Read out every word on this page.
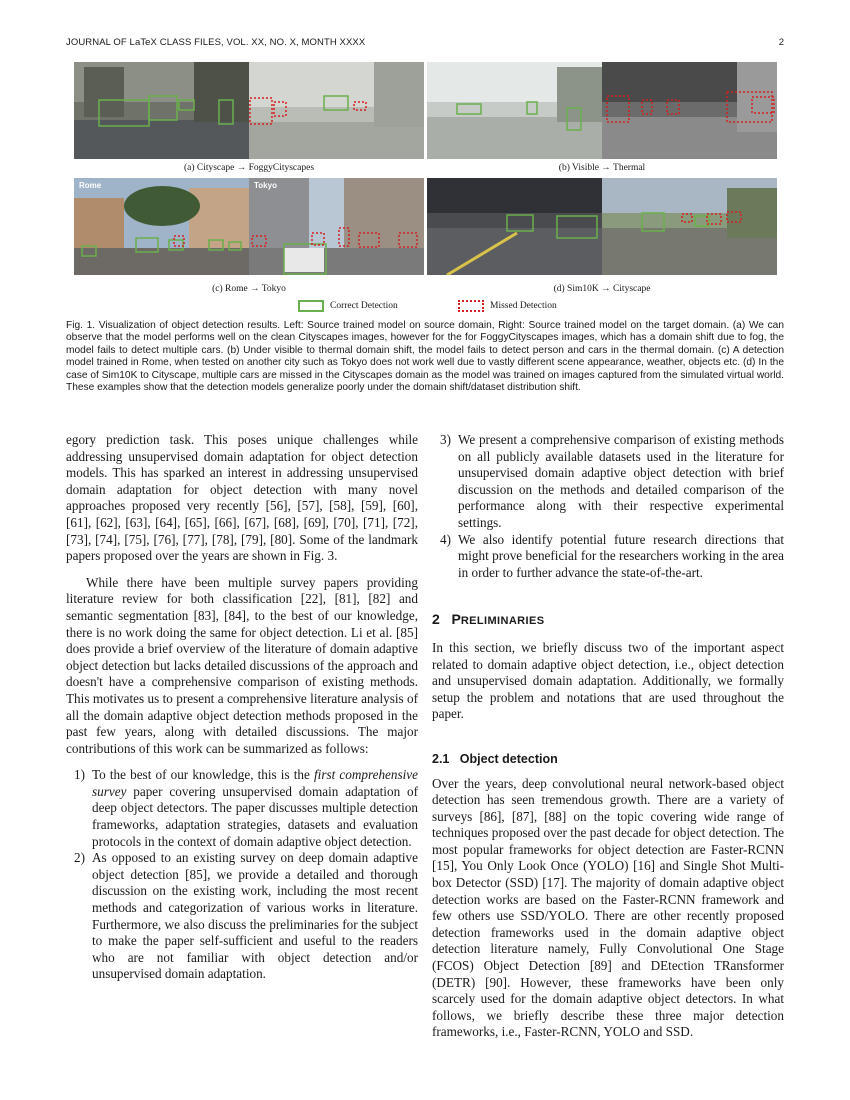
JOURNAL OF LaTeX CLASS FILES, VOL. XX, NO. X, MONTH XXXX	2
(a) Cityscape → FoggyCityscapes	(b) Visible → Thermal
Rome	Tokyo
(c) Rome → Tokyo	(d) Sim10K → Cityscape
Correct Detection	Missed Detection
Fig. 1. Visualization of object detection results. Left: Source trained model on source domain, Right: Source trained model on the target domain. (a) We can observe that the model performs well on the clean Cityscapes images, however for the for FoggyCityscapes images, which has a domain shift due to fog, the model fails to detect multiple cars. (b) Under visible to thermal domain shift, the model fails to detect person and cars in the thermal domain. (c) A detection model trained in Rome, when tested on another city such as Tokyo does not work well due to vastly different scene appearance, weather, objects etc. (d) In the case of Sim10K to Cityscape, multiple cars are missed in the Cityscapes domain as the model was trained on images captured from the simulated virtual world. These examples show that the detection models generalize poorly under the domain shift/dataset distribution shift.

egory prediction task. This poses unique challenges while addressing unsupervised domain adaptation for object detection models. This has sparked an interest in addressing unsupervised domain adaptation for object detection with many novel approaches proposed very recently [56], [57], [58], [59], [60], [61], [62], [63], [64], [65], [66], [67], [68], [69], [70], [71], [72], [73], [74], [75], [76], [77], [78], [79], [80]. Some of the landmark papers proposed over the years are shown in Fig. 3.

While there have been multiple survey papers providing literature review for both classification [22], [81], [82] and semantic segmentation [83], [84], to the best of our knowledge, there is no work doing the same for object detection. Li et al. [85] does provide a brief overview of the literature of domain adaptive object detection but lacks detailed discussions of the approach and doesn't have a comprehensive comparison of existing methods. This motivates us to present a comprehensive literature analysis of all the domain adaptive object detection methods proposed in the past few years, along with detailed discussions. The major contributions of this work can be summarized as follows:

1) To the best of our knowledge, this is the first comprehensive survey paper covering unsupervised domain adaptation of deep object detectors. The paper discusses multiple detection frameworks, adaptation strategies, datasets and evaluation protocols in the context of domain adaptive object detection.
2) As opposed to an existing survey on deep domain adaptive object detection [85], we provide a detailed and thorough discussion on the existing work, including the most recent methods and categorization of various works in literature. Furthermore, we also discuss the preliminaries for the subject to make the paper self-sufficient and useful to the readers who are not familiar with object detection and/or unsupervised domain adaptation.
3) We present a comprehensive comparison of existing methods on all publicly available datasets used in the literature for unsupervised domain adaptive object detection with brief discussion on the methods and detailed comparison of the performance along with their respective experimental settings.
4) We also identify potential future research directions that might prove beneficial for the researchers working in the area in order to further advance the state-of-the-art.

2 PRELIMINARIES

In this section, we briefly discuss two of the important aspect related to domain adaptive object detection, i.e., object detection and unsupervised domain adaptation. Additionally, we formally setup the problem and notations that are used throughout the paper.

2.1   Object detection

Over the years, deep convolutional neural network-based object detection has seen tremendous growth. There are a variety of surveys [86], [87], [88] on the topic covering wide range of techniques proposed over the past decade for object detection. The most popular frameworks for object detection are Faster-RCNN [15], You Only Look Once (YOLO) [16] and Single Shot Multi-box Detector (SSD) [17]. The majority of domain adaptive object detection works are based on the Faster-RCNN framework and few others use SSD/YOLO. There are other recently proposed detection frameworks used in the domain adaptive object detection literature namely, Fully Convolutional One Stage (FCOS) Object Detection [89] and DEtection TRansformer (DETR) [90]. However, these frameworks have been only scarcely used for the domain adaptive object detectors. In what follows, we briefly describe these three major detection frameworks, i.e., Faster-RCNN, YOLO and SSD.
